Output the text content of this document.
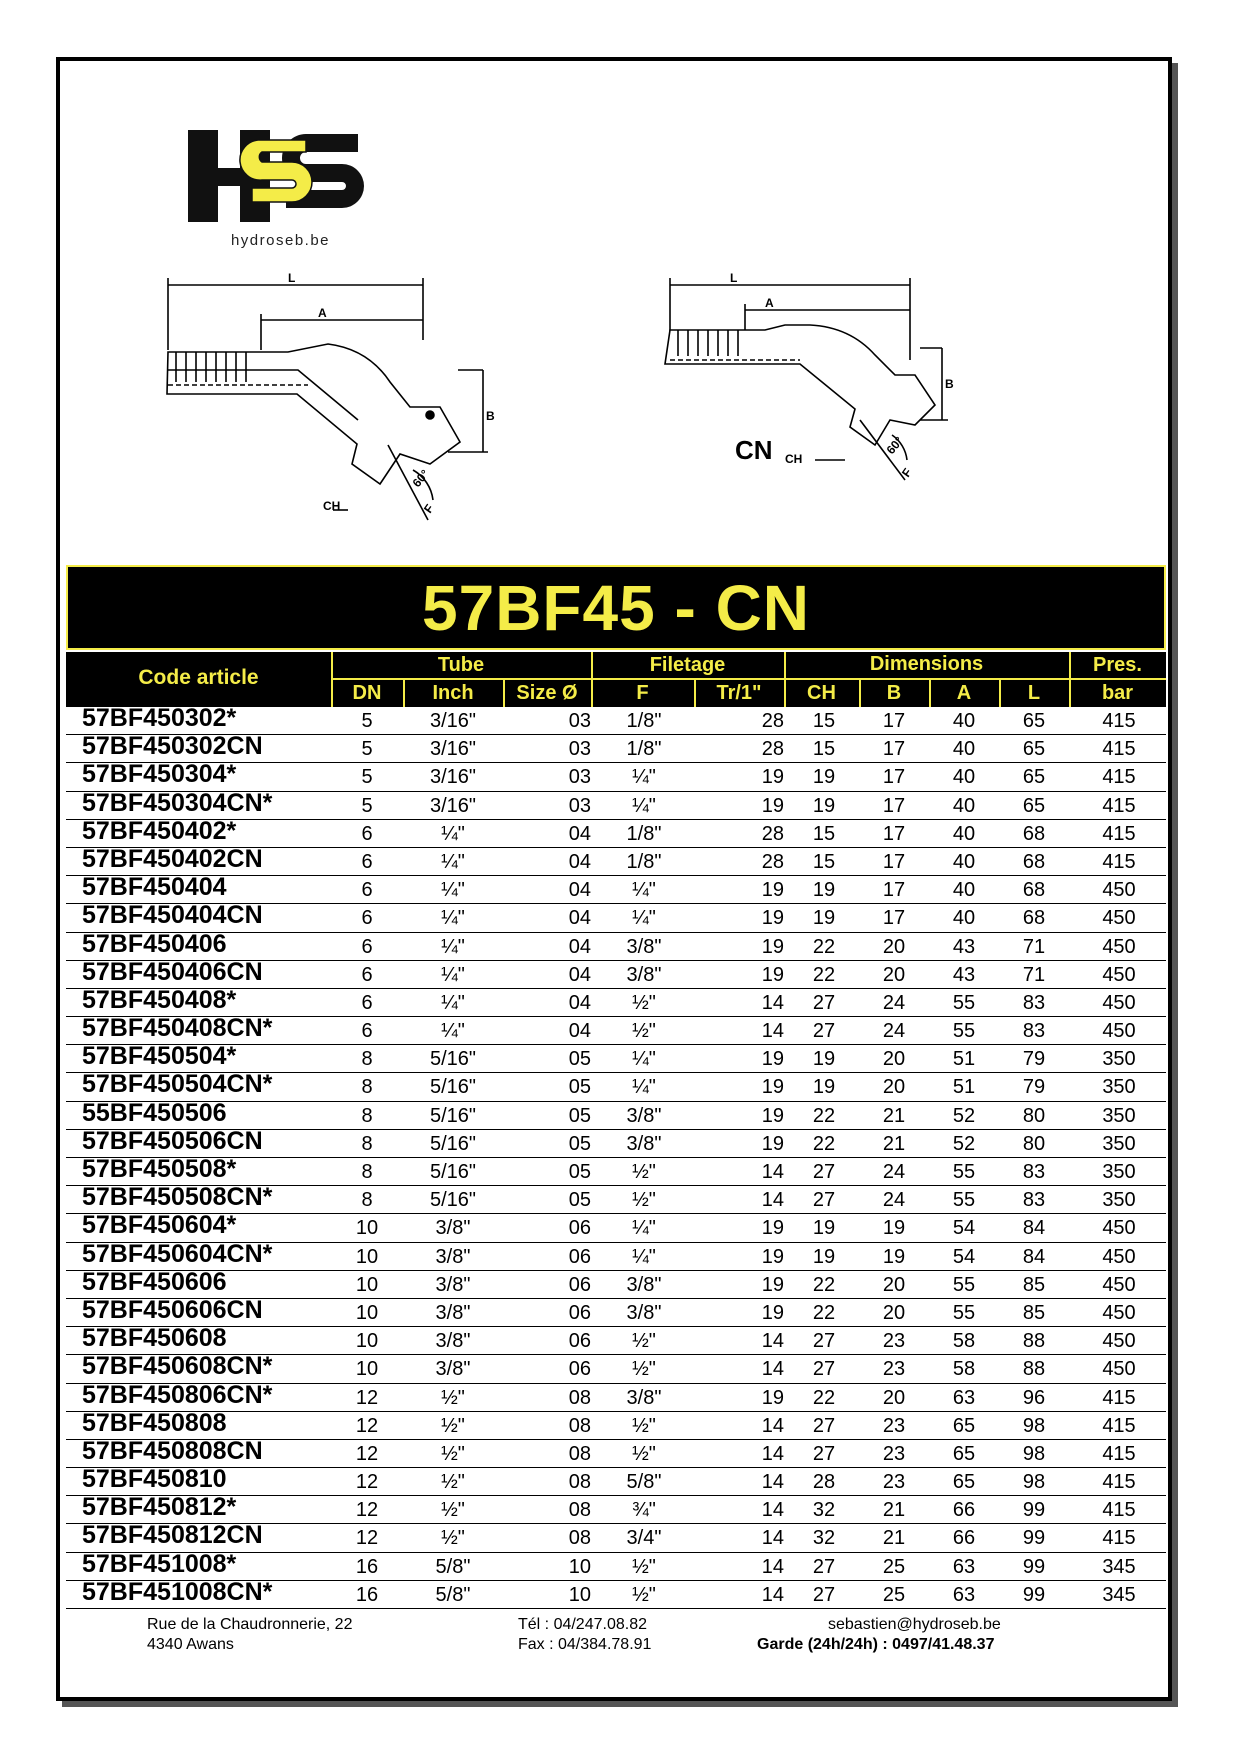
hydroseb.be
L
A
B
CH	F
60°
L
A
B
CH
F
60°
CN
57BF45 - CN
Code article
Tube	Filetage	Dimensions	Pres.
DN	Inch	Size Ø	F	Tr/1"	CH	B	A	L	bar
57BF450302*	5	3/16"	03	1/8"	28	15	17	40	65	415
57BF450302CN	5	3/16"	03	1/8"	28	15	17	40	65	415
57BF450304*	5	3/16"	03	¼"	19	19	17	40	65	415
57BF450304CN*	5	3/16"	03	¼"	19	19	17	40	65	415
57BF450402*	6	¼"	04	1/8"	28	15	17	40	68	415
57BF450402CN	6	¼"	04	1/8"	28	15	17	40	68	415
57BF450404	6	¼"	04	¼"	19	19	17	40	68	450
57BF450404CN	6	¼"	04	¼"	19	19	17	40	68	450
57BF450406	6	¼"	04	3/8"	19	22	20	43	71	450
57BF450406CN	6	¼"	04	3/8"	19	22	20	43	71	450
57BF450408*	6	¼"	04	½"	14	27	24	55	83	450
57BF450408CN*	6	¼"	04	½"	14	27	24	55	83	450
57BF450504*	8	5/16"	05	¼"	19	19	20	51	79	350
57BF450504CN*	8	5/16"	05	¼"	19	19	20	51	79	350
55BF450506	8	5/16"	05	3/8"	19	22	21	52	80	350
57BF450506CN	8	5/16"	05	3/8"	19	22	21	52	80	350
57BF450508*	8	5/16"	05	½"	14	27	24	55	83	350
57BF450508CN*	8	5/16"	05	½"	14	27	24	55	83	350
57BF450604*	10	3/8"	06	¼"	19	19	19	54	84	450
57BF450604CN*	10	3/8"	06	¼"	19	19	19	54	84	450
57BF450606	10	3/8"	06	3/8"	19	22	20	55	85	450
57BF450606CN	10	3/8"	06	3/8"	19	22	20	55	85	450
57BF450608	10	3/8"	06	½"	14	27	23	58	88	450
57BF450608CN*	10	3/8"	06	½"	14	27	23	58	88	450
57BF450806CN*	12	½"	08	3/8"	19	22	20	63	96	415
57BF450808	12	½"	08	½"	14	27	23	65	98	415
57BF450808CN	12	½"	08	½"	14	27	23	65	98	415
57BF450810	12	½"	08	5/8"	14	28	23	65	98	415
57BF450812*	12	½"	08	¾"	14	32	21	66	99	415
57BF450812CN	12	½"	08	3/4"	14	32	21	66	99	415
57BF451008*	16	5/8"	10	½"	14	27	25	63	99	345
57BF451008CN*	16	5/8"	10	½"	14	27	25	63	99	345
Rue de la Chaudronnerie, 22
4340 Awans
Tél : 04/247.08.82
Fax : 04/384.78.91
sebastien@hydroseb.be
Garde (24h/24h) : 0497/41.48.37
